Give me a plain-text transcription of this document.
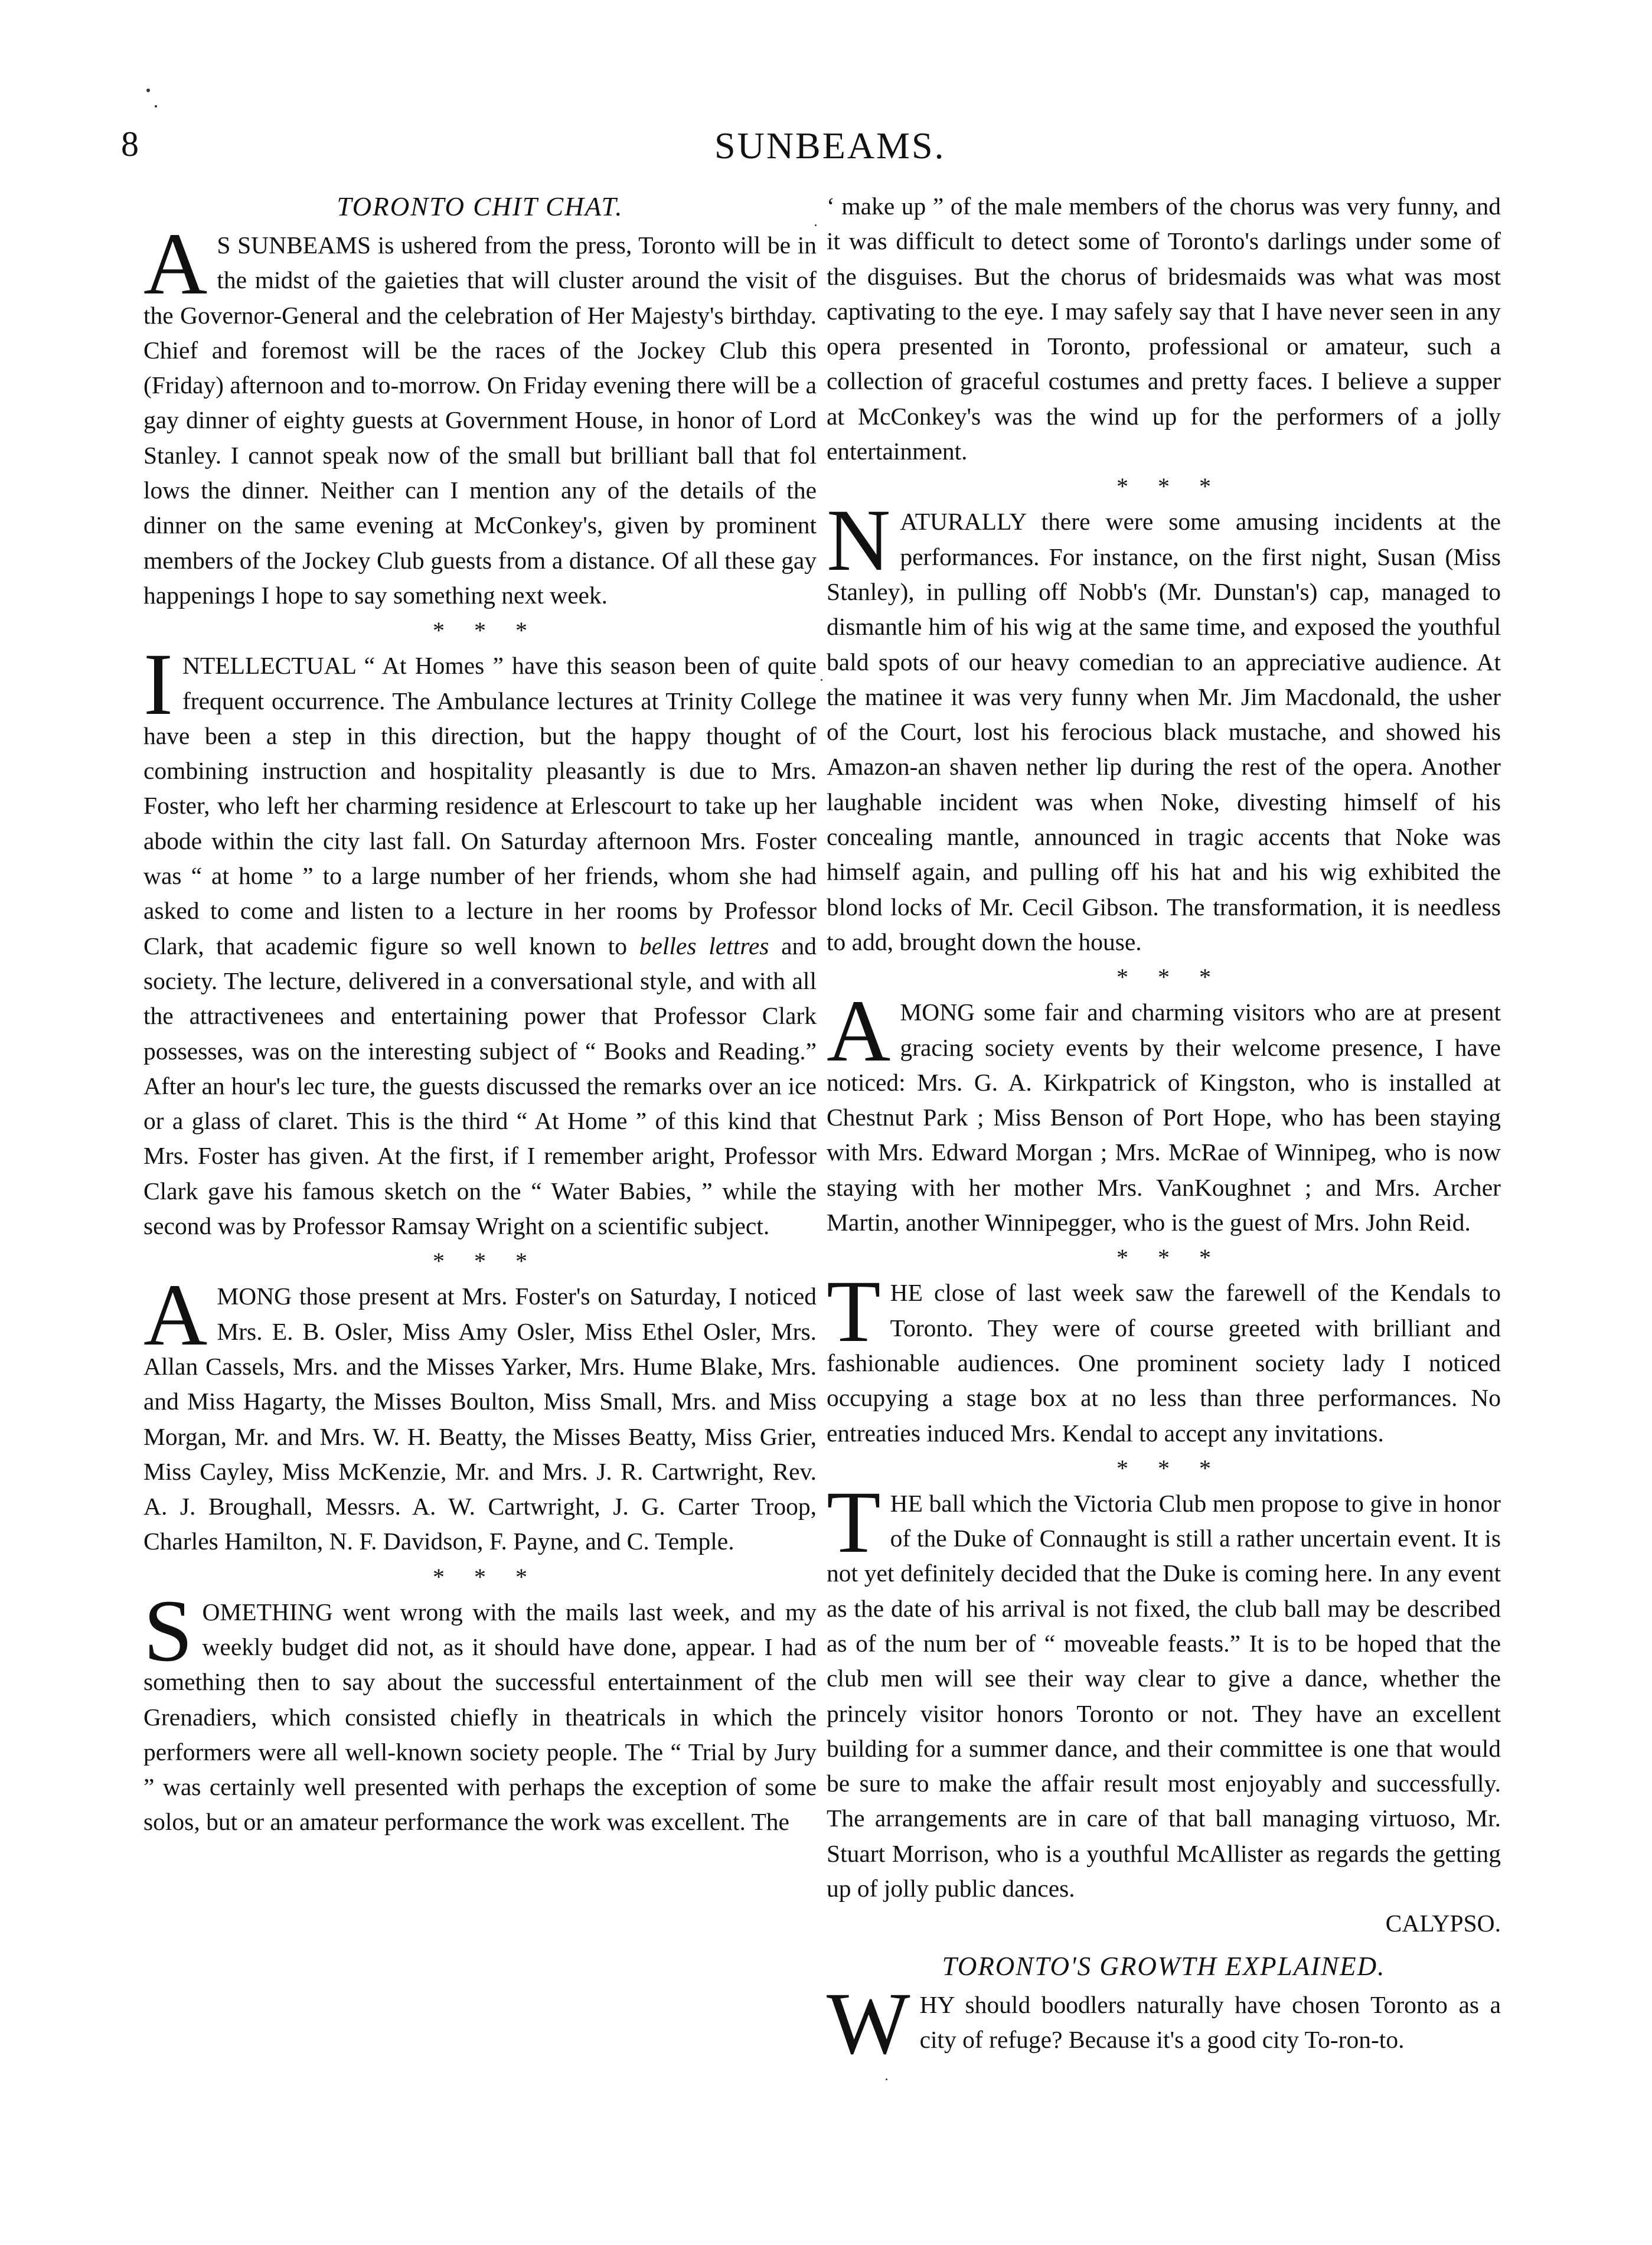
8	SUNBEAMS.
TORONTO CHIT CHAT.

A S SUNBEAMS is ushered from the press, Toronto will be in the midst of the gaieties that will cluster around the visit of the Governor-General and the celebration of Her Majesty's birthday. Chief and foremost will be the races of the Jockey Club this (Friday) afternoon and to-morrow. On Friday evening there will be a gay dinner of eighty guests at Government House, in honor of Lord Stanley. I cannot speak now of the small but brilliant ball that fol lows the dinner. Neither can I mention any of the details of the dinner on the same evening at McConkey's, given by prominent members of the Jockey Club guests from a distance. Of all these gay happenings I hope to say something next week.

* * *

INTELLECTUAL “ At Homes ” have this season been of quite frequent occurrence. The Ambulance lectures at Trinity College have been a step in this direction, but the happy thought of combining instruction and hospitality pleasantly is due to Mrs. Foster, who left her charming residence at Erlescourt to take up her abode within the city last fall. On Saturday afternoon Mrs. Foster was “ at home ” to a large number of her friends, whom she had asked to come and listen to a lecture in her rooms by Professor Clark, that academic figure so well known to belles lettres and society. The lecture, delivered in a conversational style, and with all the attractivenees and entertaining power that Professor Clark possesses, was on the interesting subject of “ Books and Reading.” After an hour's lec ture, the guests discussed the remarks over an ice or a glass of claret. This is the third “ At Home ” of this kind that Mrs. Foster has given. At the first, if I remember aright, Professor Clark gave his famous sketch on the “ Water Babies, ” while the second was by Professor Ramsay Wright on a scientific subject.

* * *

AMONG those present at Mrs. Foster's on Saturday, I noticed Mrs. E. B. Osler, Miss Amy Osler, Miss Ethel Osler, Mrs. Allan Cassels, Mrs. and the Misses Yarker, Mrs. Hume Blake, Mrs. and Miss Hagarty, the Misses Boulton, Miss Small, Mrs. and Miss Morgan, Mr. and Mrs. W. H. Beatty, the Misses Beatty, Miss Grier, Miss Cayley, Miss McKenzie, Mr. and Mrs. J. R. Cartwright, Rev. A. J. Broughall, Messrs. A. W. Cartwright, J. G. Carter Troop, Charles Hamilton, N. F. Davidson, F. Payne, and C. Temple.

* * *

SOMETHING went wrong with the mails last week, and my weekly budget did not, as it should have done, appear. I had something then to say about the successful entertainment of the Grenadiers, which consisted chiefly in theatricals in which the performers were all well-known society people. The “ Trial by Jury ” was certainly well presented with perhaps the exception of some solos, but or an amateur performance the work was excellent. The

‘ make up ” of the male members of the chorus was very funny, and it was difficult to detect some of Toronto's darlings under some of the disguises. But the chorus of bridesmaids was what was most captivating to the eye. I may safely say that I have never seen in any opera presented in Toronto, professional or amateur, such a collection of graceful costumes and pretty faces. I believe a supper at McConkey's was the wind up for the performers of a jolly entertainment.

* * *

NATURALLY there were some amusing incidents at the performances. For instance, on the first night, Susan (Miss Stanley), in pulling off Nobb's (Mr. Dunstan's) cap, managed to dismantle him of his wig at the same time, and exposed the youthful bald spots of our heavy comedian to an appreciative audience. At the matinee it was very funny when Mr. Jim Macdonald, the usher of the Court, lost his ferocious black mustache, and showed his Amazon-an shaven nether lip during the rest of the opera. Another laughable incident was when Noke, divesting himself of his concealing mantle, announced in tragic accents that Noke was himself again, and pulling off his hat and his wig exhibited the blond locks of Mr. Cecil Gibson. The transformation, it is needless to add, brought down the house.

* * *

AMONG some fair and charming visitors who are at present gracing society events by their welcome presence, I have noticed: Mrs. G. A. Kirkpatrick of Kingston, who is installed at Chestnut Park ; Miss Benson of Port Hope, who has been staying with Mrs. Edward Morgan ; Mrs. McRae of Winnipeg, who is now staying with her mother Mrs. VanKoughnet ; and Mrs. Archer Martin, another Winnipegger, who is the guest of Mrs. John Reid.

* * *

THE close of last week saw the farewell of the Kendals to Toronto. They were of course greeted with brilliant and fashionable audiences. One prominent society lady I noticed occupying a stage box at no less than three performances. No entreaties induced Mrs. Kendal to accept any invitations.

* * *

THE ball which the Victoria Club men propose to give in honor of the Duke of Connaught is still a rather uncertain event. It is not yet definitely decided that the Duke is coming here. In any event as the date of his arrival is not fixed, the club ball may be described as of the num ber of “ moveable feasts.” It is to be hoped that the club men will see their way clear to give a dance, whether the princely visitor honors Toronto or not. They have an excellent building for a summer dance, and their committee is one that would be sure to make the affair result most enjoyably and successfully. The arrangements are in care of that ball managing virtuoso, Mr. Stuart Morrison, who is a youthful McAllister as regards the getting up of jolly public dances.
CALYPSO.

TORONTO'S GROWTH EXPLAINED.

WHY should boodlers naturally have chosen Toronto as a city of refuge? Because it's a good city To-ron-to.
